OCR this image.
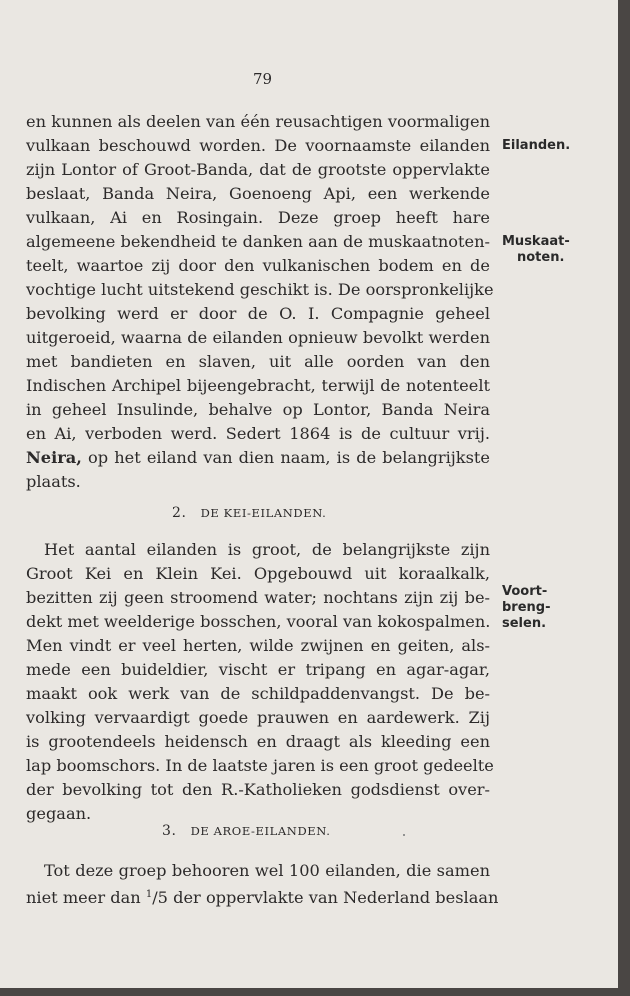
79
en kunnen als deelen van één reusachtigen voormaligen
vulkaan beschouwd worden. De voornaamste eilanden
zijn Lontor of Groot-Banda, dat de grootste oppervlakte
beslaat, Banda Neira, Goenoeng Api, een werkende
vulkaan, Ai en Rosingain. Deze groep heeft hare
algemeene bekendheid te danken aan de muskaatnoten-
teelt, waartoe zij door den vulkanischen bodem en de
vochtige lucht uitstekend geschikt is. De oorspronkelijke
bevolking werd er door de O. I. Compagnie geheel
uitgeroeid, waarna de eilanden opnieuw bevolkt werden
met bandieten en slaven, uit alle oorden van den
Indischen Archipel bijeengebracht, terwijl de notenteelt
in geheel Insulinde, behalve op Lontor, Banda Neira
en Ai, verboden werd. Sedert 1864 is de cultuur vrij.
Neira, op het eiland van dien naam, is de belangrijkste
plaats.
2. DE KEI-EILANDEN.
Het aantal eilanden is groot, de belangrijkste zijn
Groot Kei en Klein Kei. Opgebouwd uit koraalkalk,
bezitten zij geen stroomend water; nochtans zijn zij be-
dekt met weelderige bosschen, vooral van kokospalmen.
Men vindt er veel herten, wilde zwijnen en geiten, als-
mede een buideldier, vischt er tripang en agar-agar,
maakt ook werk van de schildpaddenvangst. De be-
volking vervaardigt goede prauwen en aardewerk. Zij
is grootendeels heidensch en draagt als kleeding een
lap boomschors. In de laatste jaren is een groot gedeelte
der bevolking tot den R.-Katholieken godsdienst over-
gegaan.
3. DE AROE-EILANDEN.
Tot deze groep behooren wel 100 eilanden, die samen
niet meer dan $^1$/5 der oppervlakte van Nederland beslaan
Eilanden.
Muskaat-
noten.
Voort-
breng-
selen.
